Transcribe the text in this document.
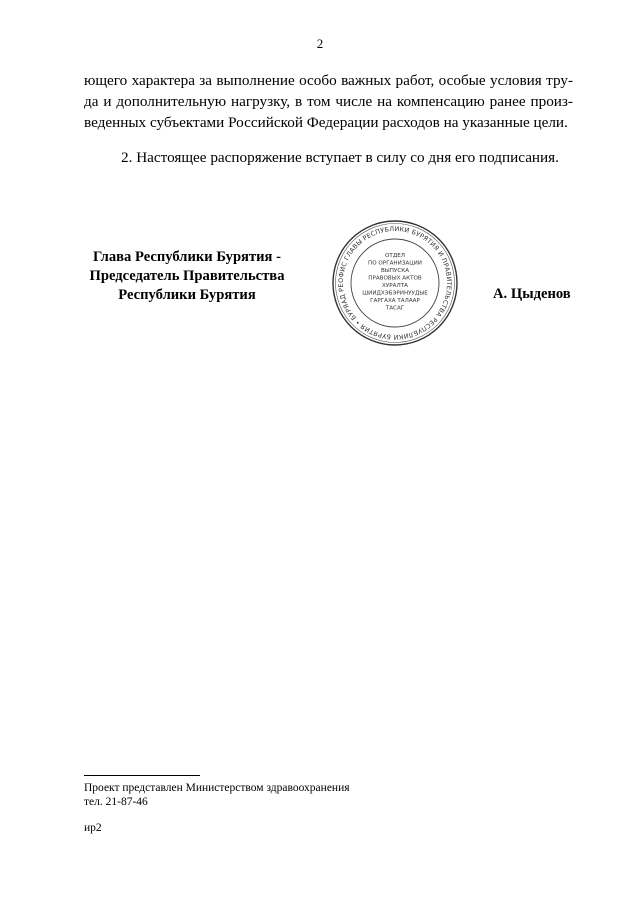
2
ющего характера за выполнение особо важных работ, особые условия тру-
да и дополнительную нагрузку, в том числе на компенсацию ранее произ-
веденных субъектами Российской Федерации расходов на указанные цели.
2. Настоящее распоряжение вступает в силу со дня его подписания.
Глава Республики Бурятия -
Председатель Правительства
Республики Бурятия
ОФИС ГЛАВЫ РЕСПУБЛИКИ БУРЯТИЯ И ПРАВИТЕЛЬСТВА РЕСПУБЛИКИ БУРЯТИЯ • БУРЯАД РЕ
ОТДЕЛ
ПО ОРГАНИЗАЦИИ
ВЫПУСКА
ПРАВОВЫХ АКТОВ
ХУРАЛТА
ШИИДХЭБЭРИНУУДЫЕ
ГАРГАХА ТАЛААР
ТАСАГ
А. Цыденов
Проект представлен Министерством здравоохранения
тел. 21-87-46
ир2
